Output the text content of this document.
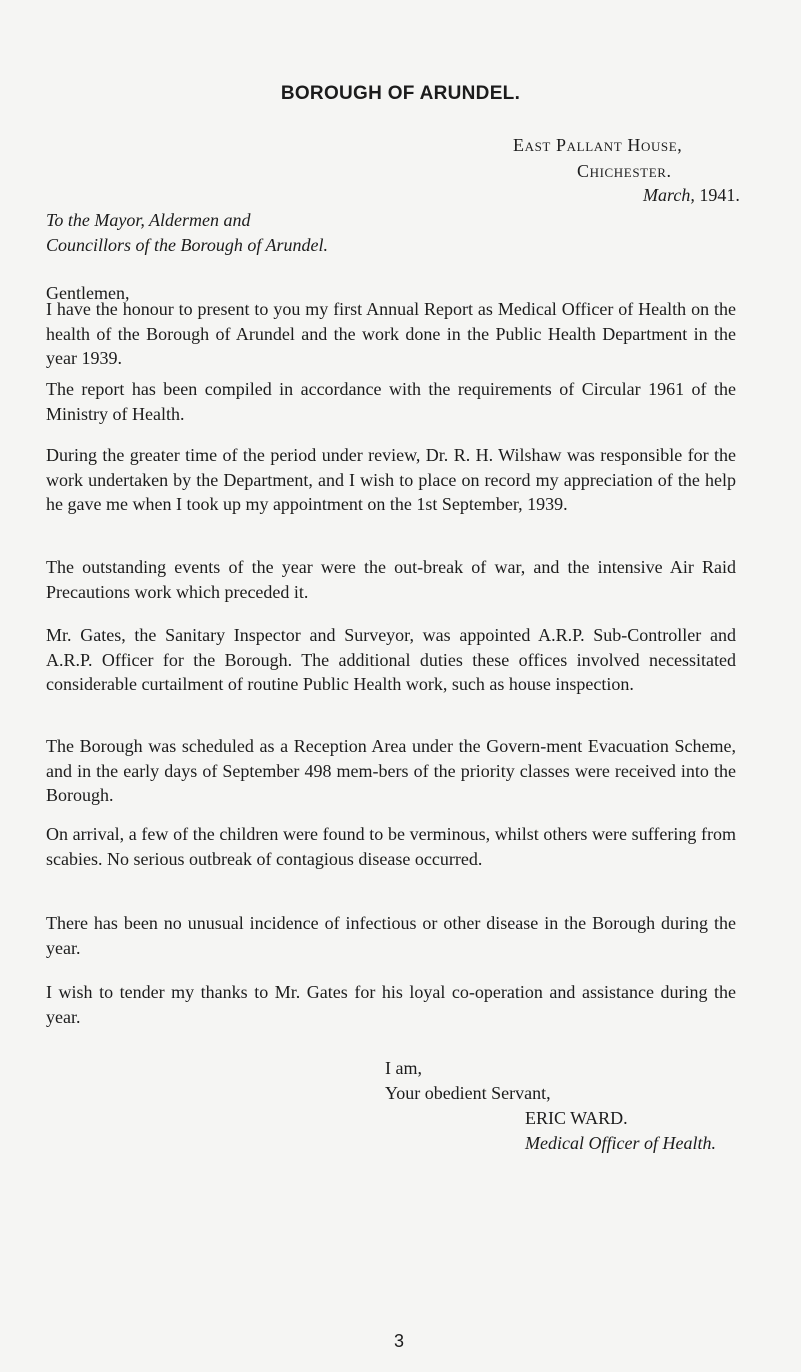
BOROUGH OF ARUNDEL.
East Pallant House,
Chichester.
March, 1941.
To the Mayor, Aldermen and
Councillors of the Borough of Arundel.
Gentlemen,

I have the honour to present to you my first Annual Report as Medical Officer of Health on the health of the Borough of Arundel and the work done in the Public Health Department in the year 1939.

The report has been compiled in accordance with the requirements of Circular 1961 of the Ministry of Health.

During the greater time of the period under review, Dr. R. H. Wilshaw was responsible for the work undertaken by the Department, and I wish to place on record my appreciation of the help he gave me when I took up my appointment on the 1st September, 1939.

The outstanding events of the year were the out-break of war, and the intensive Air Raid Precautions work which preceded it.

Mr. Gates, the Sanitary Inspector and Surveyor, was appointed A.R.P. Sub-Controller and A.R.P. Officer for the Borough. The additional duties these offices involved necessitated considerable curtailment of routine Public Health work, such as house inspection.

The Borough was scheduled as a Reception Area under the Govern-ment Evacuation Scheme, and in the early days of September 498 mem-bers of the priority classes were received into the Borough.

On arrival, a few of the children were found to be verminous, whilst others were suffering from scabies. No serious outbreak of contagious disease occurred.

There has been no unusual incidence of infectious or other disease in the Borough during the year.

I wish to tender my thanks to Mr. Gates for his loyal co-operation and assistance during the year.

I am,
Your obedient Servant,
ERIC WARD.
Medical Officer of Health.
3
